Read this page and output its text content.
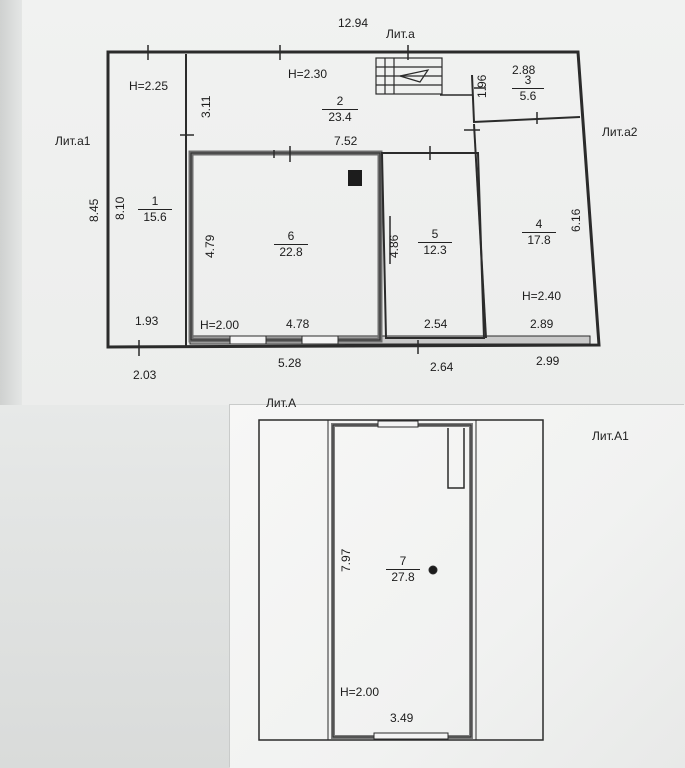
12.94
Лит.а
Лит.а1
Лит.а2
H=2.25
H=2.30	2.88
3.11
1.96
7.52
$\frac{2}{23.4}$
$\frac{3}{5.6}$
$\frac{1}{15.6}$
$\frac{6}{22.8}$	$\frac{5}{12.3}$	$\frac{4}{17.8}$
8.45 8.10
6.16
4.79	4.86
H=2.40
1.93	H=2.00	4.78	2.54	2.89
2.03
5.28	2.64	2.99
Лит.А
Лит.А1
7.97	$\frac{7}{27.8}$
H=2.00
3.49
